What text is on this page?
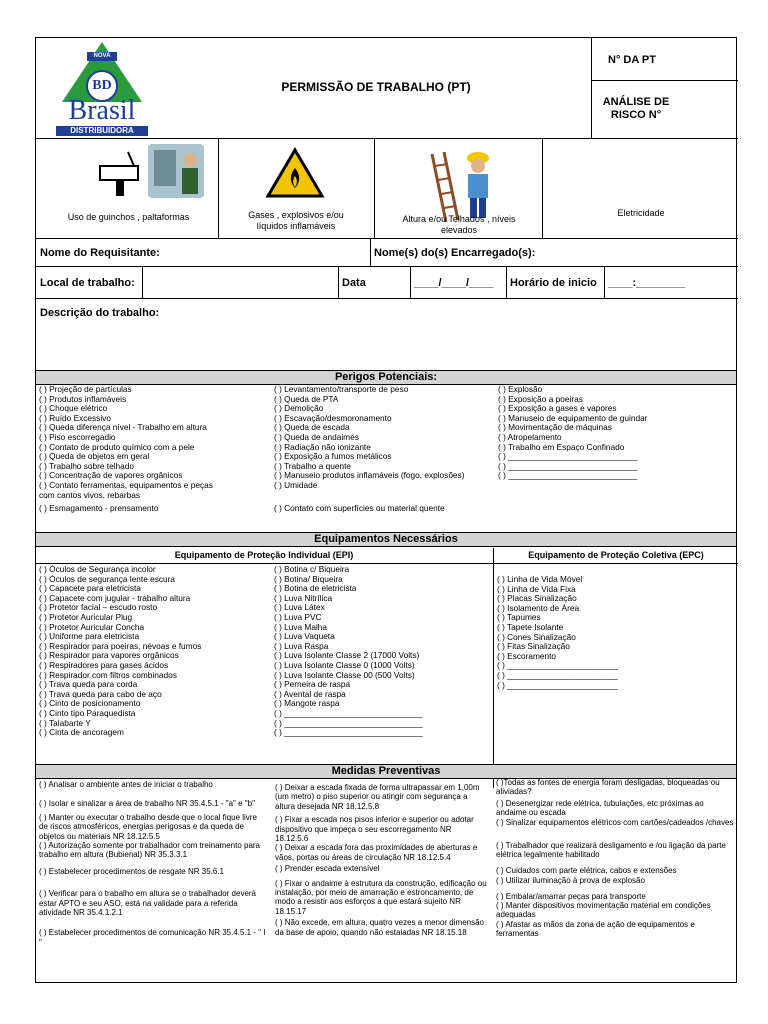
NOVA
BD
Brasil
DISTRIBUIDORA
PERMISSÃO DE TRABALHO (PT)
N° DA PT
ANÁLISE DE RISCO N°
Uso de guinchos , paltaformas	Gases , explosivos e/ou líquidos inflamáveis
Altura e/ou Telhados , níveis elevados
Eletricidade
Nome do Requisitante:	Nome(s) do(s) Encarregado(s):
Local de trabalho:	Data	____/____/____	Horário de inicio	____:________
Descrição do trabalho:
Perigos Potenciais:
( ) Projeção de partículas
( ) Produtos inflamáveis
( ) Choque elétrico
( ) Ruído Excessivo
( ) Queda diferença nível - Trabalho em altura
( ) Piso escorregadio
( ) Contato de produto químico com a pele
( ) Queda de objetos em geral
( ) Trabalho sobre telhado
( ) Concentração de vapores orgânicos
( ) Contato ferramentas, equipamentos e peças
com cantos vivos, rebarbas
( ) Esmagamento - prensamento
( ) Levantamento/transporte de peso
( ) Queda de PTA
( ) Demolição
( ) Escavação/desmoronamento
( ) Queda de escada
( ) Queda de andaimes
( ) Radiação não ionizante
( ) Exposição a fumos metálicos
( ) Trabalho a quente
( ) Manuseio produtos inflamáveis (fogo, explosões)
( ) Umidade
( ) Contato com superfícies ou material quente
( ) Explosão
( ) Exposição a poeiras
( ) Exposição a gases e vapores
( ) Manuseio de equipamento de guindar
( ) Movimentação de máquinas
( ) Atropelamento
( ) Trabalho em Espaço Confinado
( ) ____________________________
( ) ____________________________
( ) ____________________________
Equipamentos Necessários
Equipamento de Proteção Individual (EPI)	Equipamento de Proteção Coletiva (EPC)
( ) Óculos de Segurança incolor
( ) Óculos de segurança lente escura
( ) Capacete para eletricista
( ) Capacete com jugular - trabalho altura
( ) Protetor facial – escudo rosto
( ) Protetor Auricular Plug
( ) Protetor Auricular Concha
( ) Uniforme para eletricista
( ) Respirador para poeiras, névoas e fumos
( ) Respirador para vapores orgânicos
( ) Respiradores para gases ácidos
( ) Respirador com filtros combinados
( ) Trava queda para corda
( ) Trava queda para cabo de aço
( ) Cinto de posicionamento
( ) Cinto tipo Paraquedista
( ) Talabarte Y
( ) Cinta de ancoragem
( ) Botina c/ Biqueira
( ) Botina/ Biqueira
( ) Botina de eletricista
( ) Luva Nitrílica
( ) Luva Látex
( ) Luva PVC
( ) Luva Malha
( ) Luva Vaqueta
( ) Luva Raspa
( ) Luva Isolante Classe 2 (17000 Volts)
( ) Luva Isolante Classe 0 (1000 Volts)
( ) Luva Isolante Classe 00 (500 Volts)
( ) Perneira de raspa
( ) Avental de raspa
( ) Mangote raspa
( ) ______________________________
( ) ______________________________
( ) ______________________________
( ) Linha de Vida Móvel
( ) Linha de Vida Fixa
( ) Placas Sinalização
( ) Isolamento de Área
( ) Tapumes
( ) Tapete Isolante
( ) Cones Sinalização
( ) Fitas Sinalização
( ) Escoramento
( ) ________________________
( ) ________________________
( ) ________________________
Medidas Preventivas

( ) Analisar o ambiente antes de iniciar o trabalho

( ) Isolar e sinalizar a área de trabalho NR 35.4.5.1 - "a" e "b"

( ) Manter ou executar o trabalho desde que o local fique livre de riscos atmosféricos, energias perigosas e da queda de objetos ou materiais NR 18.12.5.5

( ) Autorização somente por trabalhador com treinamento para trabalho em altura (Bubienal) NR 35.3.3.1

( ) Estabelecer procedimentos de resgate NR 35.6.1

( ) Verificar para o trabalho em altura se o trabalhador deverá estar APTO e seu ASO, está na validade para a referida atividade NR 35.4.1.2.1

( ) Estabelecer procedimentos de comunicação NR 35.4.5.1 - " I "

( ) Deixar a escada fixada de forma ultrapassar em 1,00m (um metro) o piso superior ou atingir com segurança a altura desejada NR 18.12.5.8

( ) Fixar a escada nos pisos inferior e superior ou adotar dispositivo que impeça o seu escorregamento NR 18.12.5.6

( ) Deixar a escada fora das proximidades de aberturas e vãos, portas ou áreas de circulação NR 18.12.5.4

( ) Prender escada extensível

( ) Fixar o andaime à estrutura da construção, edificação ou instalação, por meio de amarração e estroncamento, de modo a resistir aos esforços a que estará sujeito NR 18.15.17

( ) Não excede, em altura, quatro vezes a menor dimensão da base de apoio, quando não estaiadas NR 18.15.18

( )Todas as fontes de energia foram desligadas, bloqueadas ou aliviadas?

( ) Desenergizar rede elétrica, tubulações, etc próximas ao andaime ou escada

( ) Sinalizar equipamentos elétricos com cartões/cadeados /chaves

( ) Trabalhador que realizará desligamento e /ou ligação da parte elétrica legalmente habilitado

( ) Cuidados com parte elétrica, cabos e extensões

( ) Utilizar iluminação à prova de explosão

( ) Embalar/amarrar peças para transporte

( ) Manter dispositivos movimentação material em condições adequadas

( ) Afastar as mãos da zona de ação de equipamentos e ferramentas
